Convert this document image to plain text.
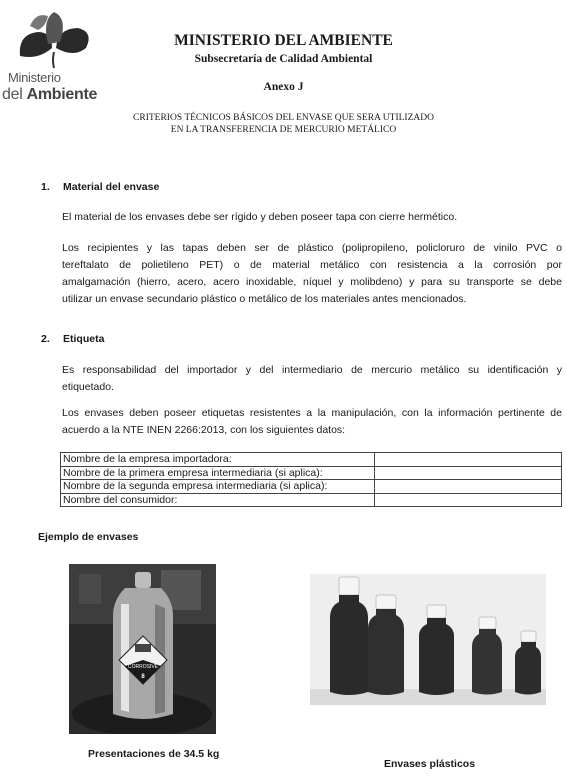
Ministerio
del Ambiente
MINISTERIO DEL AMBIENTE
Subsecretaría de Calidad Ambiental
Anexo J
CRITERIOS TÉCNICOS BÁSICOS DEL ENVASE QUE SERA UTILIZADO
EN LA TRANSFERENCIA DE MERCURIO METÁLICO
1. Material del envase
El material de los envases debe ser rígido y deben poseer tapa con cierre hermético.
Los recipientes y las tapas deben ser de plástico (polipropileno, policloruro de vinilo PVC o
tereftalato de polietileno PET) o de material metálico con resistencia a la corrosión por
amalgamación (hierro, acero, acero inoxidable, níquel y molibdeno) y para su transporte se debe
utilizar un envase secundario plástico o metálico de los materiales antes mencionados.
2. Etiqueta
Es responsabilidad del importador y del intermediario de mercurio metálico su identificación y
etiquetado.
Los envases deben poseer etiquetas resistentes a la manipulación, con la información pertinente de
acuerdo a la NTE INEN 2266:2013, con los siguientes datos:
Nombre de la empresa importadora:	
Nombre de la primera empresa intermediaria (si aplica):	
Nombre de la segunda empresa intermediaria (si aplica):	
Nombre del consumidor:	
Ejemplo de envases
CORROSIVE
8
Presentaciones de 34.5 kg
Envases plásticos
